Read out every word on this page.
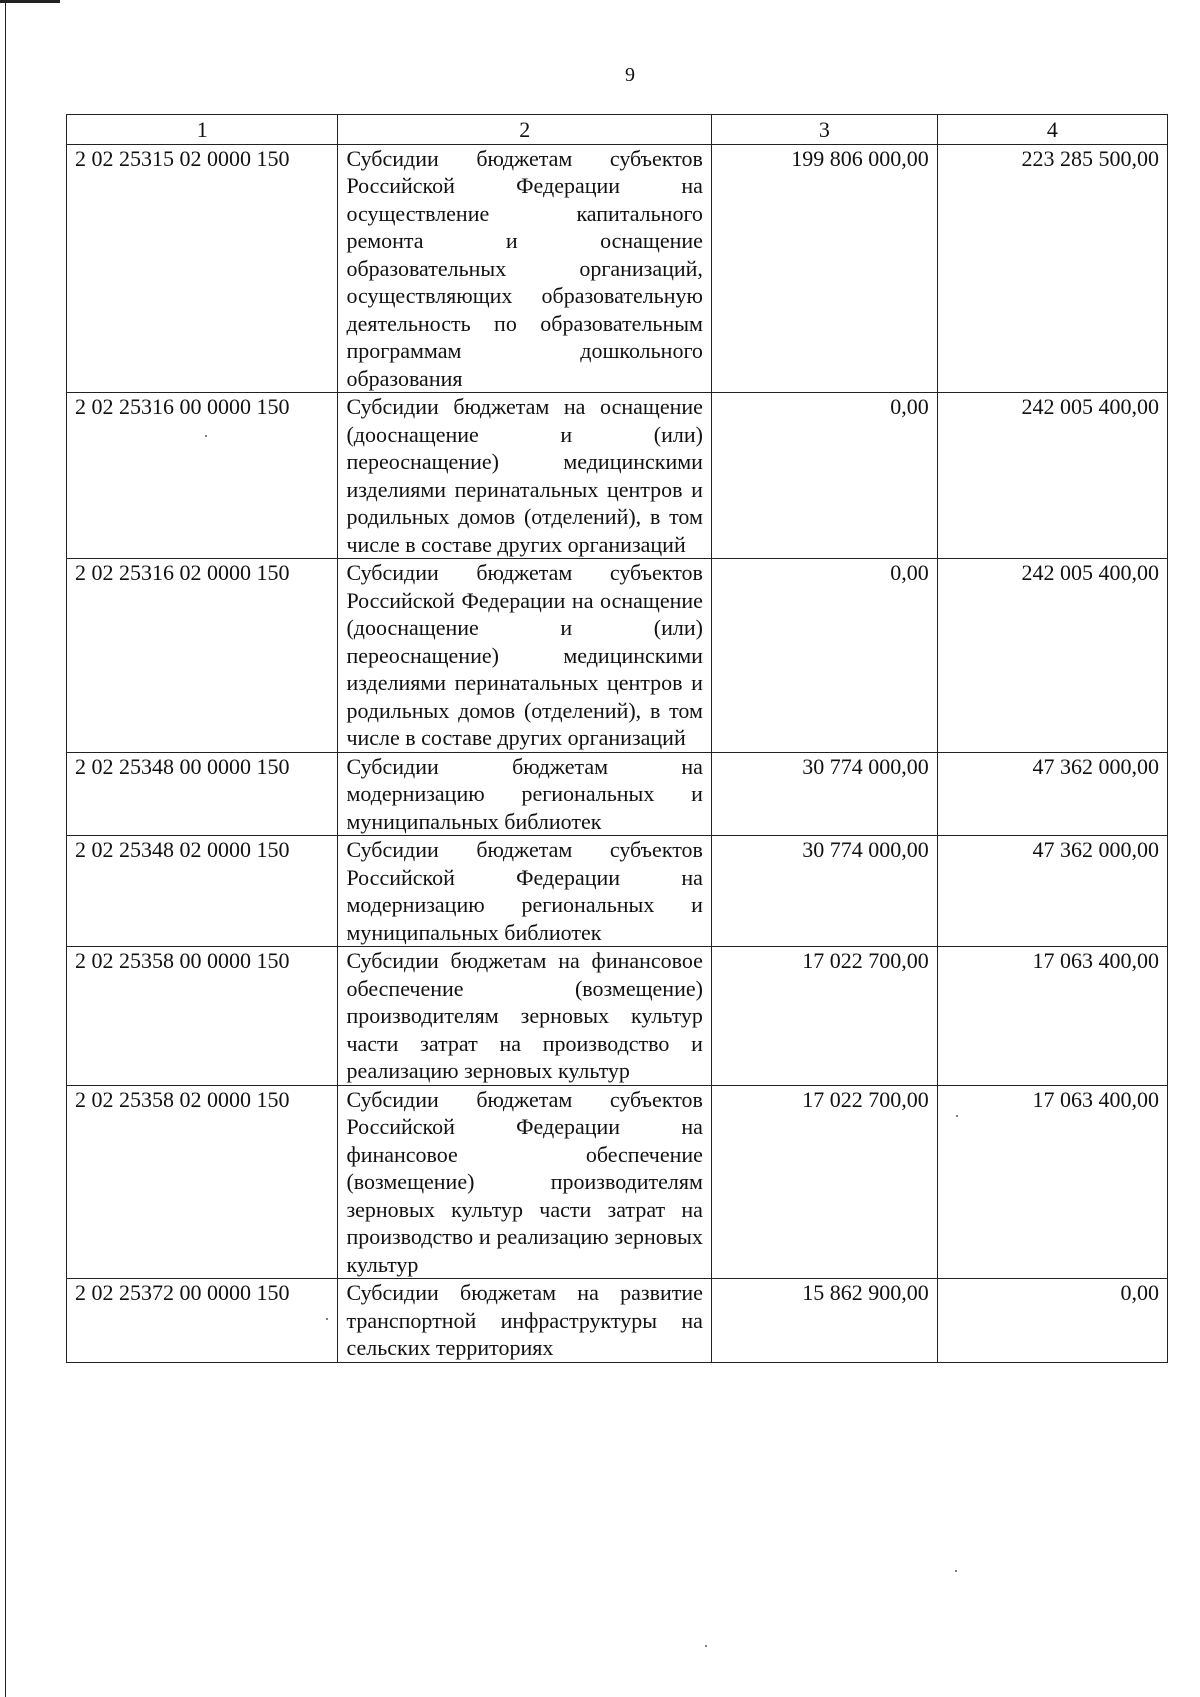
9
1	2	3	4
2 02 25315 02 0000 150	Субсидии бюджетам субъектов Российской Федерации на осуществление капитального ремонта и оснащение образовательных организаций, осуществляющих образовательную деятельность по образовательным программам дошкольного образования	199 806 000,00	223 285 500,00
2 02 25316 00 0000 150	Субсидии бюджетам на оснащение (дооснащение и (или) переоснащение) медицинскими изделиями перинатальных центров и родильных домов (отделений), в том числе в составе других организаций	0,00	242 005 400,00
2 02 25316 02 0000 150	Субсидии бюджетам субъектов Российской Федерации на оснащение (дооснащение и (или) переоснащение) медицинскими изделиями перинатальных центров и родильных домов (отделений), в том числе в составе других организаций	0,00	242 005 400,00
2 02 25348 00 0000 150	Субсидии бюджетам на модернизацию региональных и муниципальных библиотек	30 774 000,00	47 362 000,00
2 02 25348 02 0000 150	Субсидии бюджетам субъектов Российской Федерации на модернизацию региональных и муниципальных библиотек	30 774 000,00	47 362 000,00
2 02 25358 00 0000 150	Субсидии бюджетам на финансовое обеспечение (возмещение) производителям зерновых культур части затрат на производство и реализацию зерновых культур	17 022 700,00	17 063 400,00
2 02 25358 02 0000 150	Субсидии бюджетам субъектов Российской Федерации на финансовое обеспечение (возмещение) производителям зерновых культур части затрат на производство и реализацию зерновых культур	17 022 700,00	17 063 400,00
2 02 25372 00 0000 150	Субсидии бюджетам на развитие транспортной инфраструктуры на сельских территориях	15 862 900,00	0,00
